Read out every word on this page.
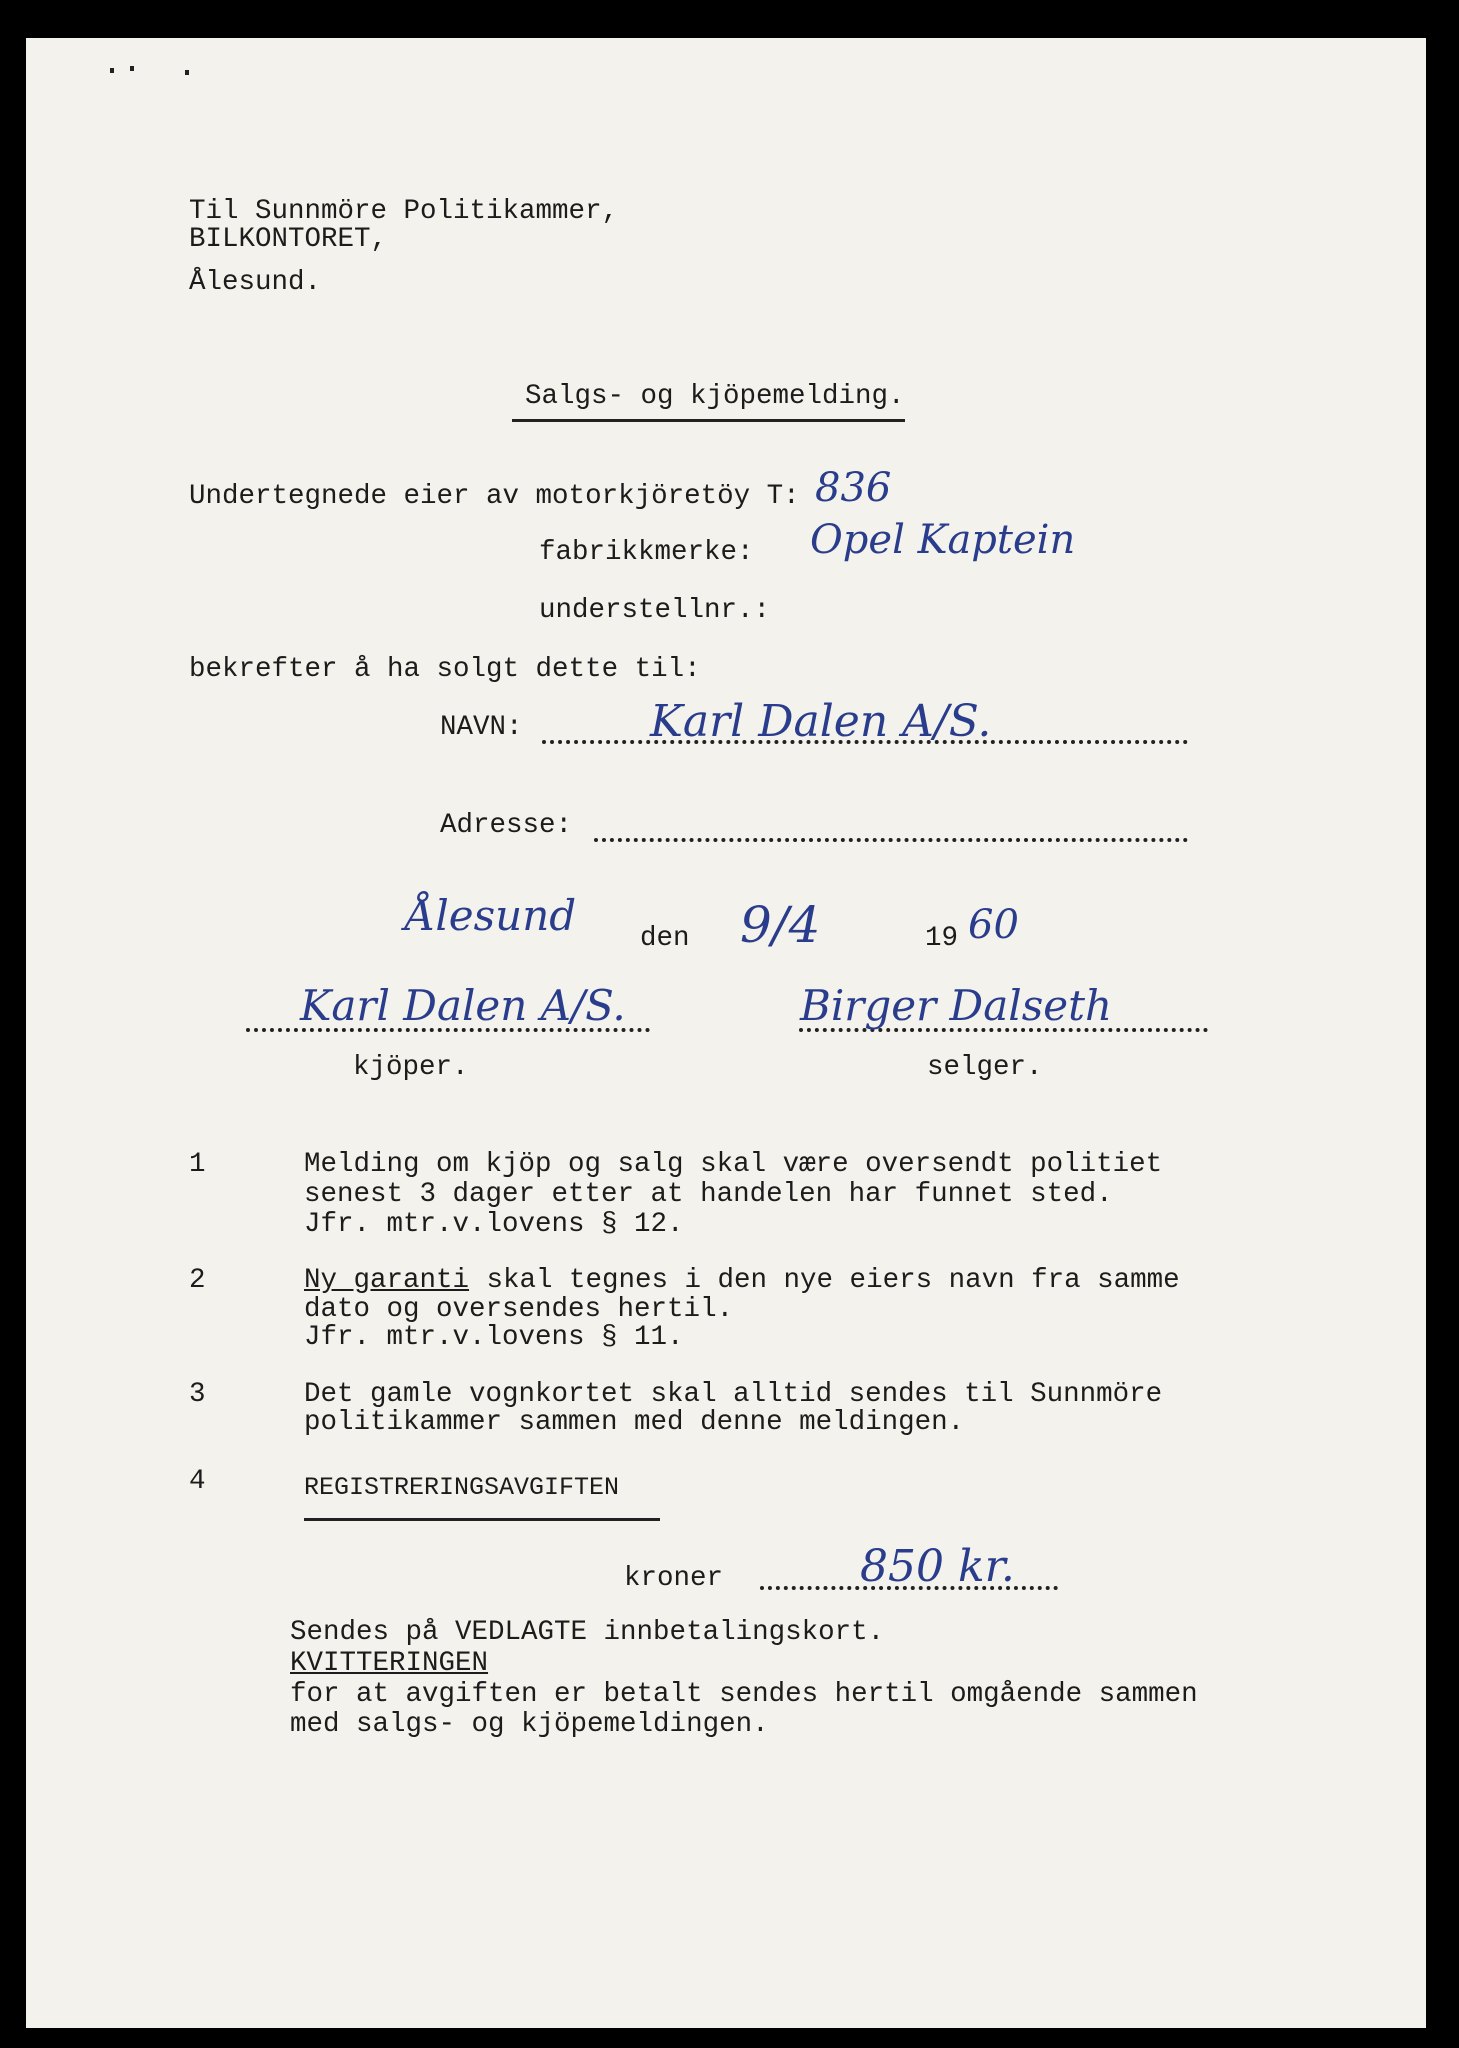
Til Sunnmöre Politikammer,
BILKONTORET,
Ålesund.
Salgs- og kjöpemelding.
Undertegnede eier av motorkjöretöy T: 836
fabrikkmerke: Opel Kaptein
understellnr.:
bekrefter å ha solgt dette til:
NAVN:	Karl Dalen A/S.
Adresse:
Ålesund den 9/4	19 60
Karl Dalen A/S.	Birger Dalseth
kjöper.	selger.
1	Melding om kjöp og salg skal være oversendt politiet
senest 3 dager etter at handelen har funnet sted.
Jfr. mtr.v.lovens § 12.
2	Ny garanti skal tegnes i den nye eiers navn fra samme
dato og oversendes hertil.
Jfr. mtr.v.lovens § 11.
3	Det gamle vognkortet skal alltid sendes til Sunnmöre
politikammer sammen med denne meldingen.
4	REGISTRERINGSAVGIFTEN
kroner	850 kr.
Sendes på VEDLAGTE innbetalingskort.
KVITTERINGEN
for at avgiften er betalt sendes hertil omgående sammen
med salgs- og kjöpemeldingen.
